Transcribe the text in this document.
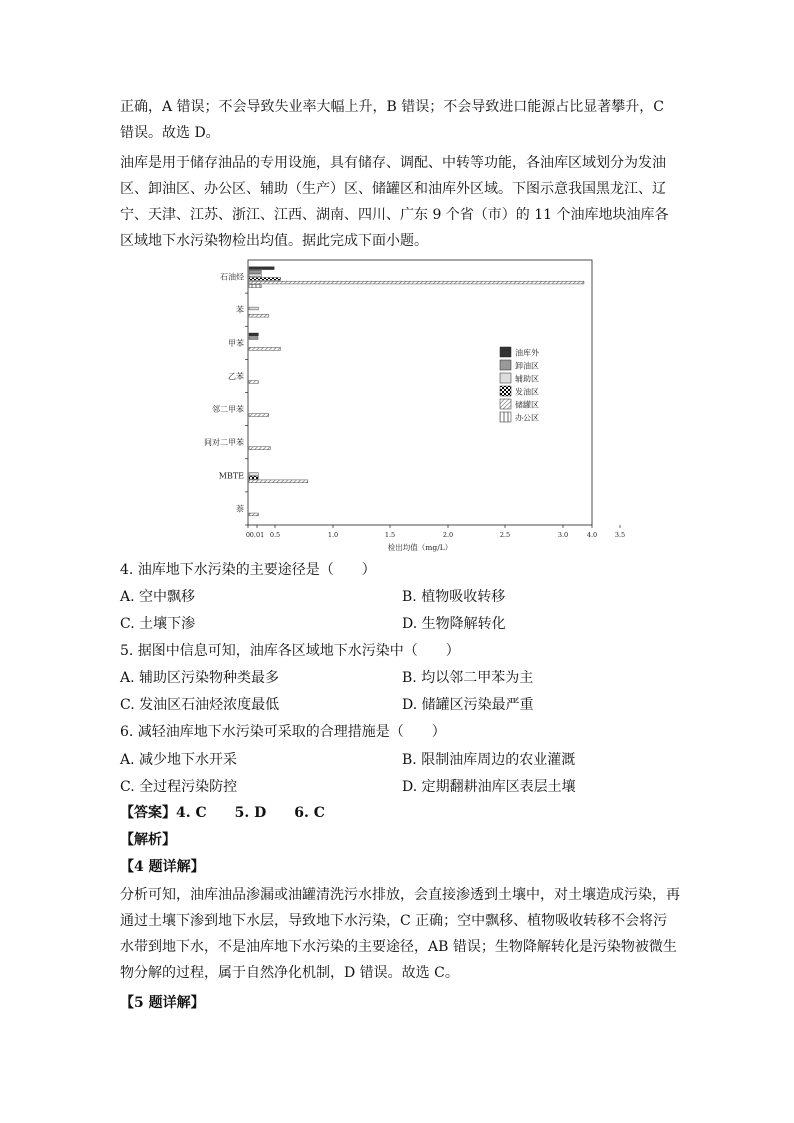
正确，A 错误；不会导致失业率大幅上升，B 错误；不会导致进口能源占比显著攀升，C 错误。故选 D。

油库是用于储存油品的专用设施，具有储存、调配、中转等功能，各油库区域划分为发油区、卸油区、办公区、辅助（生产）区、储罐区和油库外区域。下图示意我国黑龙江、辽宁、天津、江苏、浙江、江西、湖南、四川、广东 9 个省（市）的 11 个油库地块油库各区域地下水污染物检出均值。据此完成下面小题。

0 0.01 0.5	1.0	1.5	2.0	2.5	3.0	3.5
4.0
检出均值（mg/L）
石油烃
苯
甲苯
乙苯
邻二甲苯
间对二甲苯
MBTE
萘
油库外
卸油区
辅助区
发油区
储罐区
办公区
4. 油库地下水污染的主要途径是（　　）
A. 空中飘移	B. 植物吸收转移
C. 土壤下渗	D. 生物降解转化
5. 据图中信息可知，油库各区域地下水污染中（　　）
A. 辅助区污染物种类最多	B. 均以邻二甲苯为主
C. 发油区石油烃浓度最低	D. 储罐区污染最严重
6. 减轻油库地下水污染可采取的合理措施是（　　）
A. 减少地下水开采	B. 限制油库周边的农业灌溉
C. 全过程污染防控	D. 定期翻耕油库区表层土壤
【答案】4. C　　5. D　　6. C
【解析】
【4 题详解】

分析可知，油库油品渗漏或油罐清洗污水排放，会直接渗透到土壤中，对土壤造成污染，再通过土壤下渗到地下水层，导致地下水污染，C 正确；空中飘移、植物吸收转移不会将污水带到地下水，不是油库地下水污染的主要途径，AB 错误；生物降解转化是污染物被微生物分解的过程，属于自然净化机制，D 错误。故选 C。

【5 题详解】
